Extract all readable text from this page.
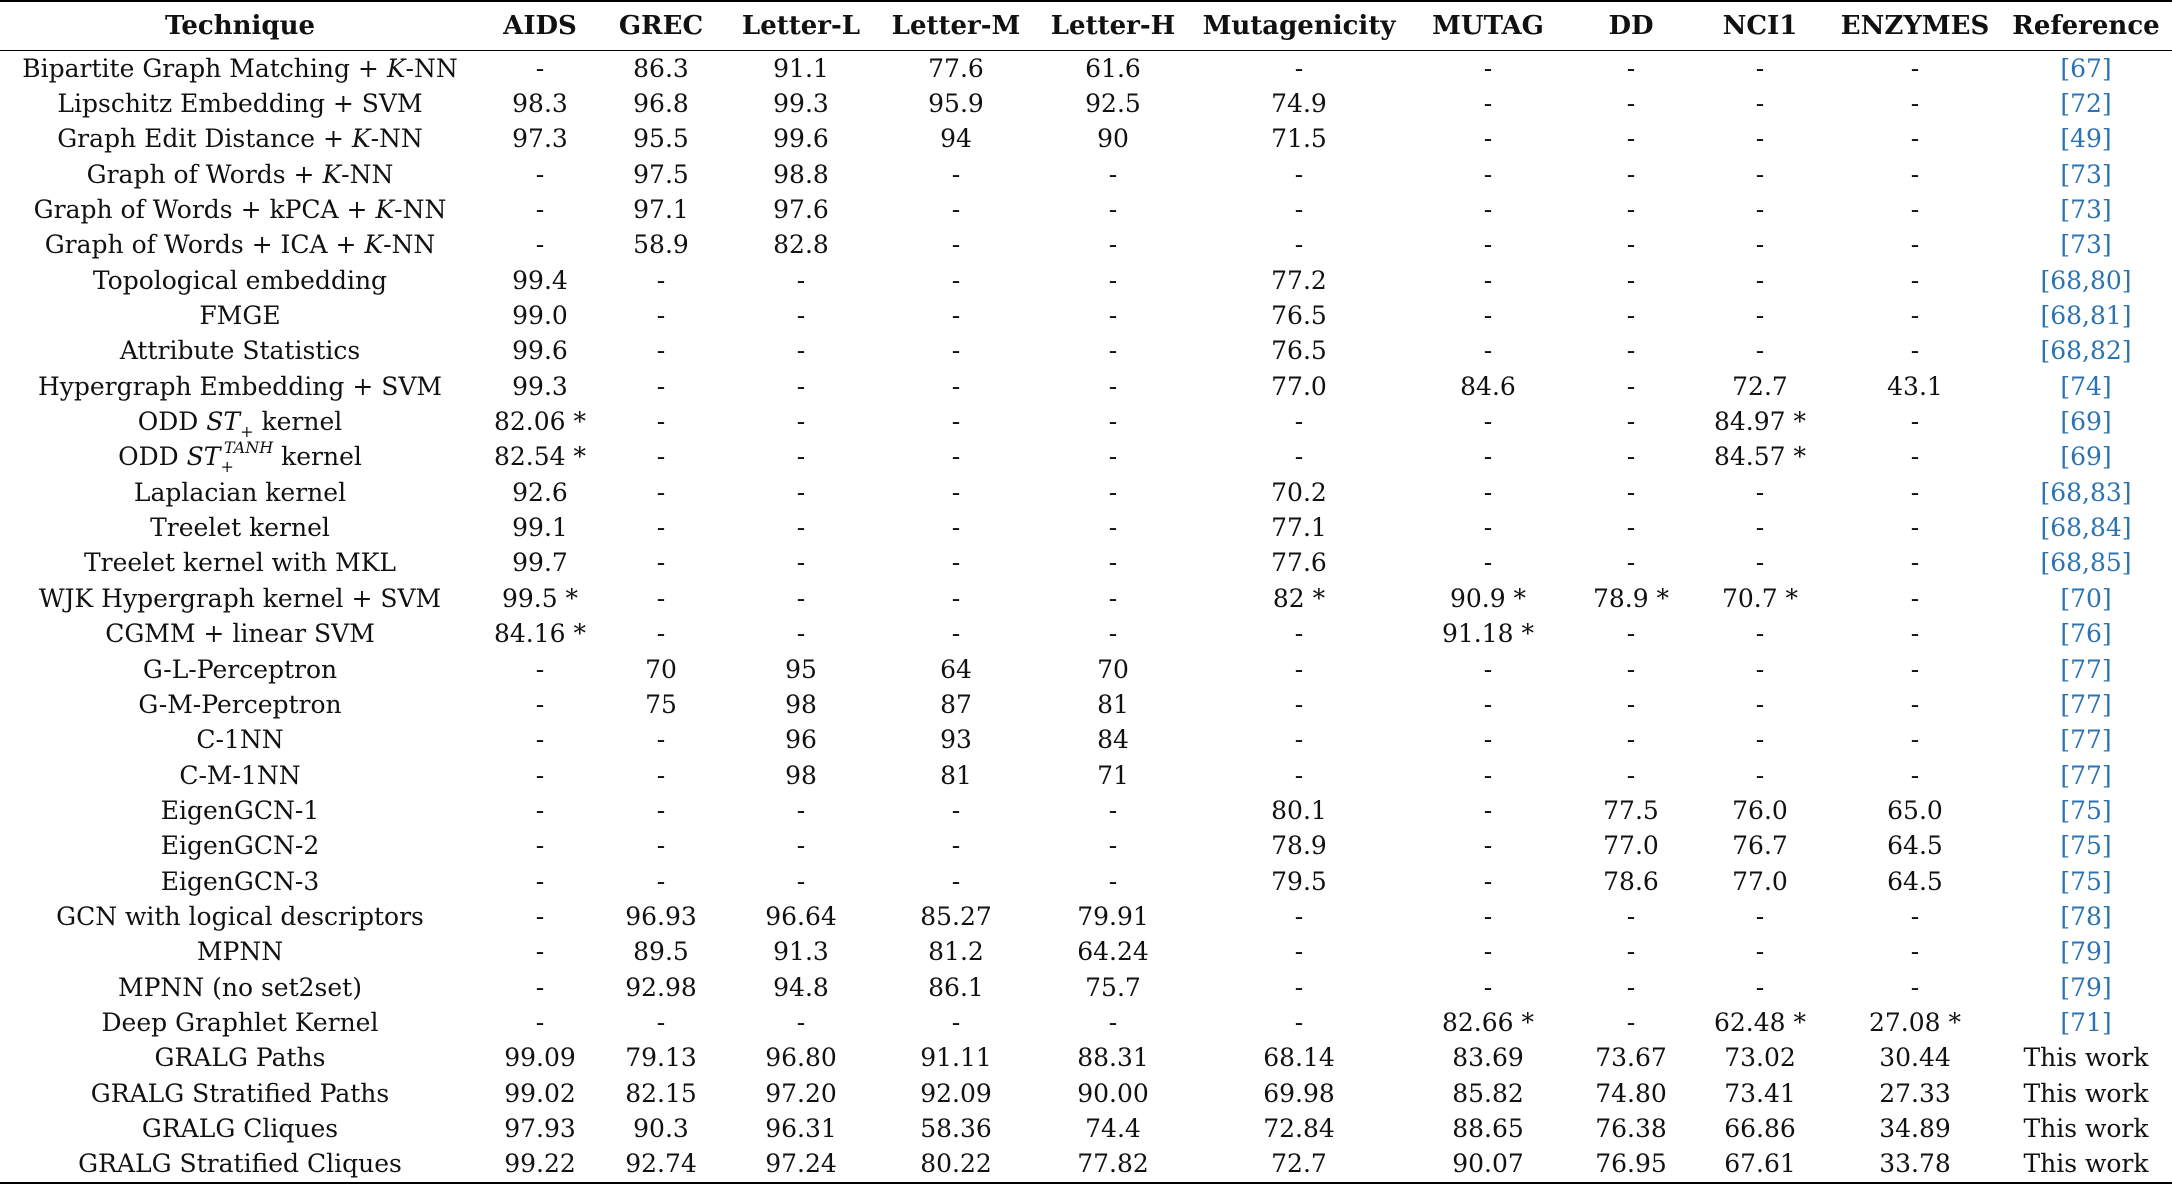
Technique	AIDS	GREC	Letter-L	Letter-M	Letter-H	Mutagenicity	MUTAG	DD	NCI1	ENZYMES	Reference
Bipartite Graph Matching + K-NN	-	86.3	91.1	77.6	61.6	-	-	-	-	-	[67]
Lipschitz Embedding + SVM	98.3	96.8	99.3	95.9	92.5	74.9	-	-	-	-	[72]
Graph Edit Distance + K-NN	97.3	95.5	99.6	94	90	71.5	-	-	-	-	[49]
Graph of Words + K-NN	-	97.5	98.8	-	-	-	-	-	-	-	[73]
Graph of Words + kPCA + K-NN	-	97.1	97.6	-	-	-	-	-	-	-	[73]
Graph of Words + ICA + K-NN	-	58.9	82.8	-	-	-	-	-	-	-	[73]
Topological embedding	99.4	-	-	-	-	77.2	-	-	-	-	[68,80]
FMGE	99.0	-	-	-	-	76.5	-	-	-	-	[68,81]
Attribute Statistics	99.6	-	-	-	-	76.5	-	-	-	-	[68,82]
Hypergraph Embedding + SVM	99.3	-	-	-	-	77.0	84.6	-	72.7	43.1	[74]
ODD $ST_+$ kernel	82.06 *	-	-	-	-	-	-	-	84.97 *	-	[69]
ODD $ST_+^{TANH}$ kernel	82.54 *	-	-	-	-	-	-	-	84.57 *	-	[69]
Laplacian kernel	92.6	-	-	-	-	70.2	-	-	-	-	[68,83]
Treelet kernel	99.1	-	-	-	-	77.1	-	-	-	-	[68,84]
Treelet kernel with MKL	99.7	-	-	-	-	77.6	-	-	-	-	[68,85]
WJK Hypergraph kernel + SVM	99.5 *	-	-	-	-	82 *	90.9 *	78.9 *	70.7 *	-	[70]
CGMM + linear SVM	84.16 *	-	-	-	-	-	91.18 *	-	-	-	[76]
G-L-Perceptron	-	70	95	64	70	-	-	-	-	-	[77]
G-M-Perceptron	-	75	98	87	81	-	-	-	-	-	[77]
C-1NN	-	-	96	93	84	-	-	-	-	-	[77]
C-M-1NN	-	-	98	81	71	-	-	-	-	-	[77]
EigenGCN-1	-	-	-	-	-	80.1	-	77.5	76.0	65.0	[75]
EigenGCN-2	-	-	-	-	-	78.9	-	77.0	76.7	64.5	[75]
EigenGCN-3	-	-	-	-	-	79.5	-	78.6	77.0	64.5	[75]
GCN with logical descriptors	-	96.93	96.64	85.27	79.91	-	-	-	-	-	[78]
MPNN	-	89.5	91.3	81.2	64.24	-	-	-	-	-	[79]
MPNN (no set2set)	-	92.98	94.8	86.1	75.7	-	-	-	-	-	[79]
Deep Graphlet Kernel	-	-	-	-	-	-	82.66 *	-	62.48 *	27.08 *	[71]
GRALG Paths	99.09	79.13	96.80	91.11	88.31	68.14	83.69	73.67	73.02	30.44	This work
GRALG Stratified Paths	99.02	82.15	97.20	92.09	90.00	69.98	85.82	74.80	73.41	27.33	This work
GRALG Cliques	97.93	90.3	96.31	58.36	74.4	72.84	88.65	76.38	66.86	34.89	This work
GRALG Stratified Cliques	99.22	92.74	97.24	80.22	77.82	72.7	90.07	76.95	67.61	33.78	This work
